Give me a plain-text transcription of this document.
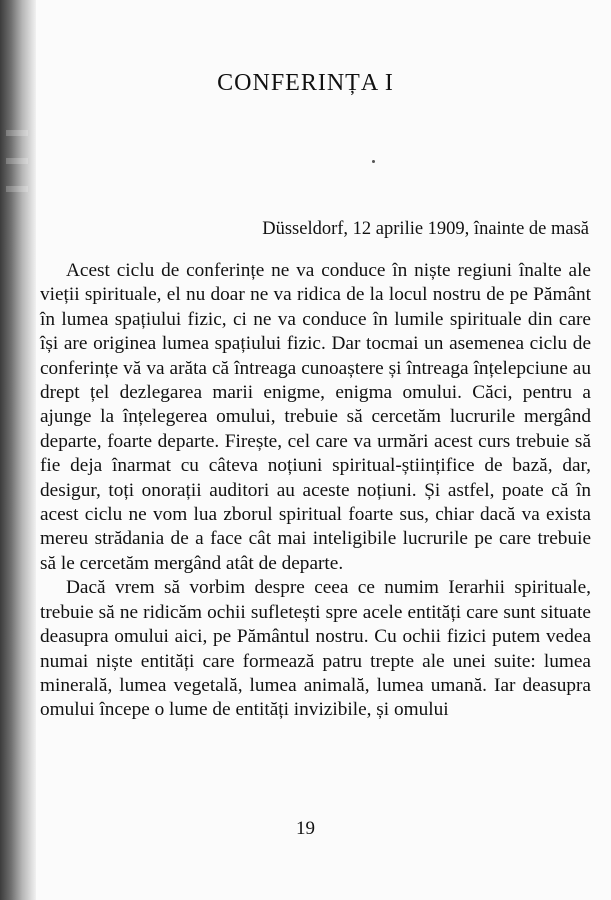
CONFERINȚA I
Düsseldorf, 12 aprilie 1909, înainte de masă

Acest ciclu de conferințe ne va conduce în niște regiuni înalte ale vieții spirituale, el nu doar ne va ridica de la locul nostru de pe Pământ în lumea spațiului fizic, ci ne va conduce în lumile spirituale din care își are originea lumea spațiului fizic. Dar tocmai un asemenea ciclu de conferințe vă va arăta că întreaga cunoaștere și întreaga înțelepciune au drept țel dezlegarea marii enigme, enigma omului. Căci, pentru a ajunge la înțelegerea omului, trebuie să cercetăm lucrurile mergând departe, foarte departe. Firește, cel care va urmări acest curs trebuie să fie deja înarmat cu câteva noțiuni spiritual-științifice de bază, dar, desigur, toți onorații auditori au aceste noțiuni. Și astfel, poate că în acest ciclu ne vom lua zborul spiritual foarte sus, chiar dacă va exista mereu strădania de a face cât mai inteligibile lucrurile pe care trebuie să le cercetăm mergând atât de departe.

Dacă vrem să vorbim despre ceea ce numim Ierarhii spirituale, trebuie să ne ridicăm ochii sufletești spre acele entități care sunt situate deasupra omului aici, pe Pământul nostru. Cu ochii fizici putem vedea numai niște entități care formează patru trepte ale unei suite: lumea minerală, lumea vegetală, lumea animală, lumea umană. Iar deasupra omului începe o lume de entități invizibile, și omului

19
